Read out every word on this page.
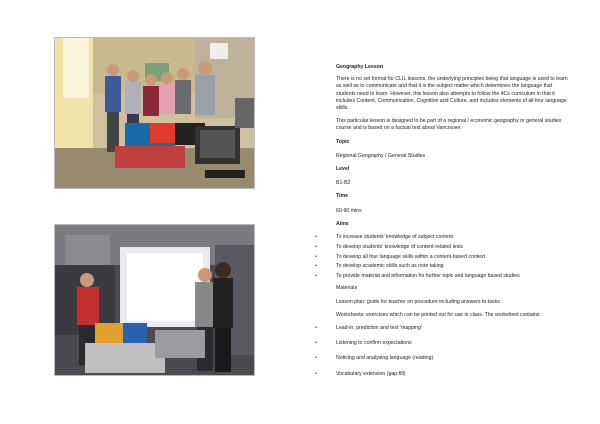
Geography Lesson

There is no set format for CLIL lessons, the underlying principles being that language is used to learn as well as to communicate and that it is the subject matter which determines the language that students need to learn. However, this lesson also attempts to follow the 4Cs curriculum in that it includes Content, Communication, Cognition and Culture, and includes elements of all four language skills.

This particular lesson is designed to be part of a regional / economic geography or general studies course and is based on a factual text about Vancouver.

Topic

Regional Geography / General Studies

Level

B1-B2

Time

60-90 mins

Aims

• To increase students' knowledge of subject content
• To develop students' knowledge of content-related lexis
• To develop all four language skills within a content-based context
• To develop academic skills such as note taking
• To provide material and information for further topic and language based studies

Materials

Lesson plan: guide for teacher on procedure including answers to tasks.

Worksheets; exercises which can be printed out for use in class. The worksheet contains:

• Lead-in, prediction and text 'mapping'
• Listening to confirm expectations
• Noticing and analysing language (reading)
• Vocabulary extension (gap-fill)
